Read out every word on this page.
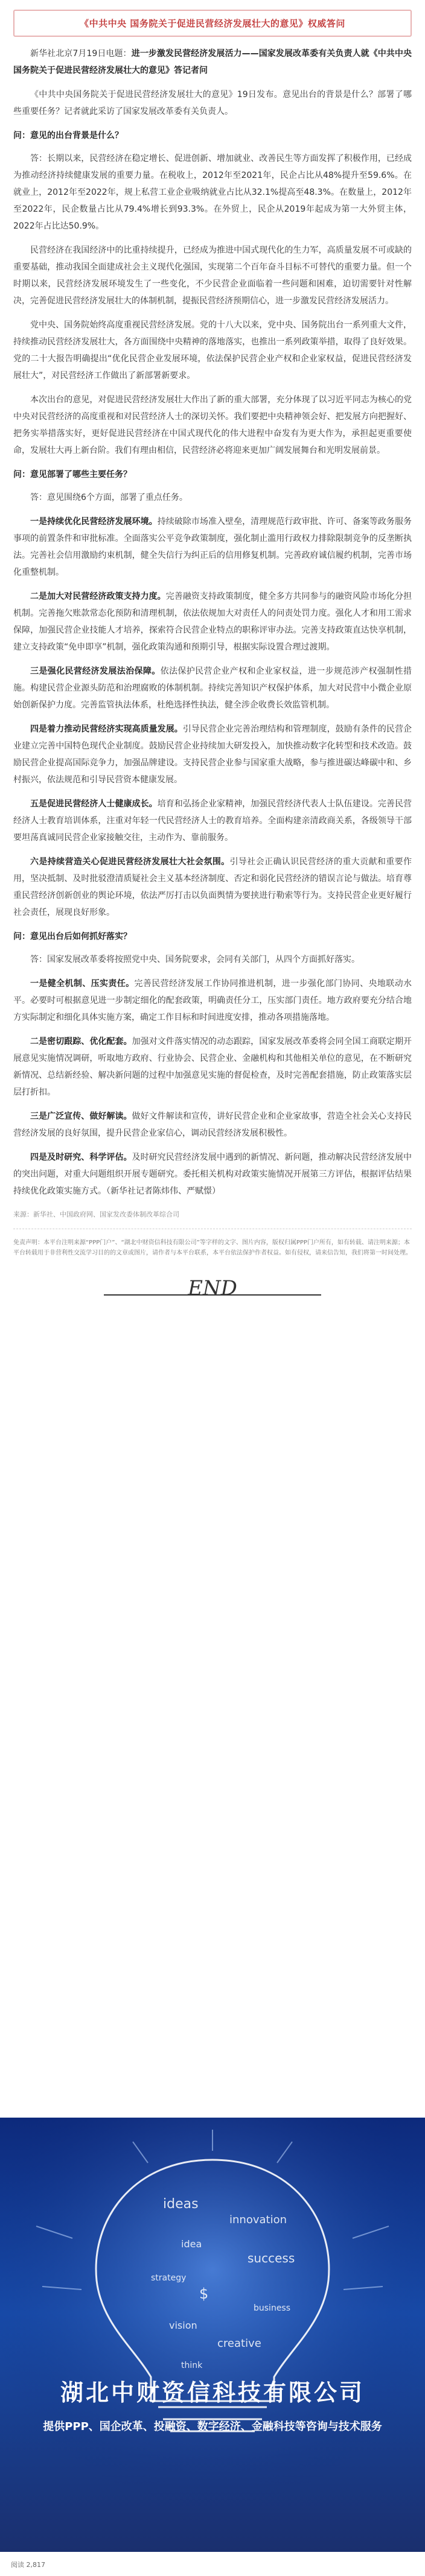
《中共中央 国务院关于促进民营经济发展壮大的意见》权威答问

新华社北京7月19日电题：进一步激发民营经济发展活力——国家发展改革委有关负责人就《中共中央 国务院关于促进民营经济发展壮大的意见》答记者问

《中共中央国务院关于促进民营经济发展壮大的意见》19日发布。意见出台的背景是什么？部署了哪些重要任务？记者就此采访了国家发展改革委有关负责人。

问：意见的出台背景是什么？

答：长期以来，民营经济在稳定增长、促进创新、增加就业、改善民生等方面发挥了积极作用，已经成为推动经济持续健康发展的重要力量。在税收上，2012年至2021年，民企占比从48%提升至59.6%。在就业上，2012年至2022年，规上私营工业企业吸纳就业占比从32.1%提高至48.3%。在数量上，2012年至2022年，民企数量占比从79.4%增长到93.3%。在外贸上，民企从2019年起成为第一大外贸主体，2022年占比达50.9%。

民营经济在我国经济中的比重持续提升，已经成为推进中国式现代化的生力军，高质量发展不可或缺的重要基础，推动我国全面建成社会主义现代化强国，实现第二个百年奋斗目标不可替代的重要力量。但一个时期以来，民营经济发展环境发生了一些变化，不少民营企业面临着一些问题和困难，迫切需要针对性解决，完善促进民营经济发展壮大的体制机制，提振民营经济预期信心，进一步激发民营经济发展活力。

党中央、国务院始终高度重视民营经济发展。党的十八大以来，党中央、国务院出台一系列重大文件，持续推动民营经济发展壮大，各方面围绕中央精神的落地落实，也推出一系列政策举措，取得了良好效果。党的二十大报告明确提出“优化民营企业发展环境，依法保护民营企业产权和企业家权益，促进民营经济发展壮大”，对民营经济工作做出了新部署新要求。

本次出台的意见，对促进民营经济发展壮大作出了新的重大部署，充分体现了以习近平同志为核心的党中央对民营经济的高度重视和对民营经济人士的深切关怀。我们要把中央精神领会好、把发展方向把握好、把务实举措落实好，更好促进民营经济在中国式现代化的伟大进程中奋发有为更大作为，承担起更重要使命，发展壮大再上新台阶。我们有理由相信，民营经济必将迎来更加广阔发展舞台和光明发展前景。

问：意见部署了哪些主要任务？

答：意见围绕6个方面，部署了重点任务。

一是持续优化民营经济发展环境。持续破除市场准入壁垒，清理规范行政审批、许可、备案等政务服务事项的前置条件和审批标准。全面落实公平竞争政策制度，强化制止滥用行政权力排除限制竞争的反垄断执法。完善社会信用激励约束机制，健全失信行为纠正后的信用修复机制。完善政府诚信履约机制，完善市场化重整机制。

二是加大对民营经济政策支持力度。完善融资支持政策制度，健全多方共同参与的融资风险市场化分担机制。完善拖欠账款常态化预防和清理机制，依法依规加大对责任人的问责处罚力度。强化人才和用工需求保障，加强民营企业技能人才培养，探索符合民营企业特点的职称评审办法。完善支持政策直达快享机制，建立支持政策“免申即享”机制，强化政策沟通和预期引导，根据实际设置合理过渡期。

三是强化民营经济发展法治保障。依法保护民营企业产权和企业家权益，进一步规范涉产权强制性措施。构建民营企业源头防范和治理腐败的体制机制。持续完善知识产权保护体系，加大对民营中小微企业原始创新保护力度。完善监管执法体系，杜绝选择性执法，健全涉企收费长效监管机制。

四是着力推动民营经济实现高质量发展。引导民营企业完善治理结构和管理制度，鼓励有条件的民营企业建立完善中国特色现代企业制度。鼓励民营企业持续加大研发投入，加快推动数字化转型和技术改造。鼓励民营企业提高国际竞争力，加强品牌建设。支持民营企业参与国家重大战略，参与推进碳达峰碳中和、乡村振兴，依法规范和引导民营资本健康发展。

五是促进民营经济人士健康成长。培育和弘扬企业家精神，加强民营经济代表人士队伍建设。完善民营经济人士教育培训体系，注重对年轻一代民营经济人士的教育培养。全面构建亲清政商关系，各级领导干部要坦荡真诚同民营企业家接触交往，主动作为、靠前服务。

六是持续营造关心促进民营经济发展壮大社会氛围。引导社会正确认识民营经济的重大贡献和重要作用，坚决抵制、及时批驳澄清质疑社会主义基本经济制度、否定和弱化民营经济的错误言论与做法。培育尊重民营经济创新创业的舆论环境，依法严厉打击以负面舆情为要挟进行勒索等行为。支持民营企业更好履行社会责任，展现良好形象。

问：意见出台后如何抓好落实？

答：国家发展改革委将按照党中央、国务院要求，会同有关部门，从四个方面抓好落实。

一是健全机制、压实责任。完善民营经济发展工作协同推进机制，进一步强化部门协同、央地联动水平。必要时可根据意见进一步制定细化的配套政策，明确责任分工，压实部门责任。地方政府要充分结合地方实际制定和细化具体实施方案，确定工作目标和时间进度安排，推动各项措施落地。

二是密切跟踪、优化配套。加强对文件落实情况的动态跟踪，国家发展改革委将会同全国工商联定期开展意见实施情况调研，听取地方政府、行业协会、民营企业、金融机构和其他相关单位的意见，在不断研究新情况、总结新经验、解决新问题的过程中加强意见实施的督促检查，及时完善配套措施，防止政策落实层层打折扣。

三是广泛宣传、做好解读。做好文件解读和宣传，讲好民营企业和企业家故事，营造全社会关心支持民营经济发展的良好氛围，提升民营企业家信心，调动民营经济发展积极性。

四是及时研究、科学评估。及时研究民营经济发展中遇到的新情况、新问题，推动解决民营经济发展中的突出问题，对重大问题组织开展专题研究。委托相关机构对政策实施情况开展第三方评估，根据评估结果持续优化政策实施方式。（新华社记者陈炜伟、严赋憬）

来源：新华社、中国政府网、国家发改委体制改革综合司
免责声明：本平台注明来源“PPP门户”、“湖北中财资信科技有限公司”等字样的文字、图片内容，版权归属PPP门户所有，如有转载、请注明来源；本平台转载用于非营利性交流学习目的的文章或图片，请作者与本平台联系，本平台依法保护作者权益。如有侵权，请来信告知，我们将第一时间处理。
END
ideas
innovation
idea
success
strategy
$
business
vision
creative
think
湖北中财资信科技有限公司
提供PPP、国企改革、投融资、数字经济、金融科技等咨询与技术服务
阅读 2,817
